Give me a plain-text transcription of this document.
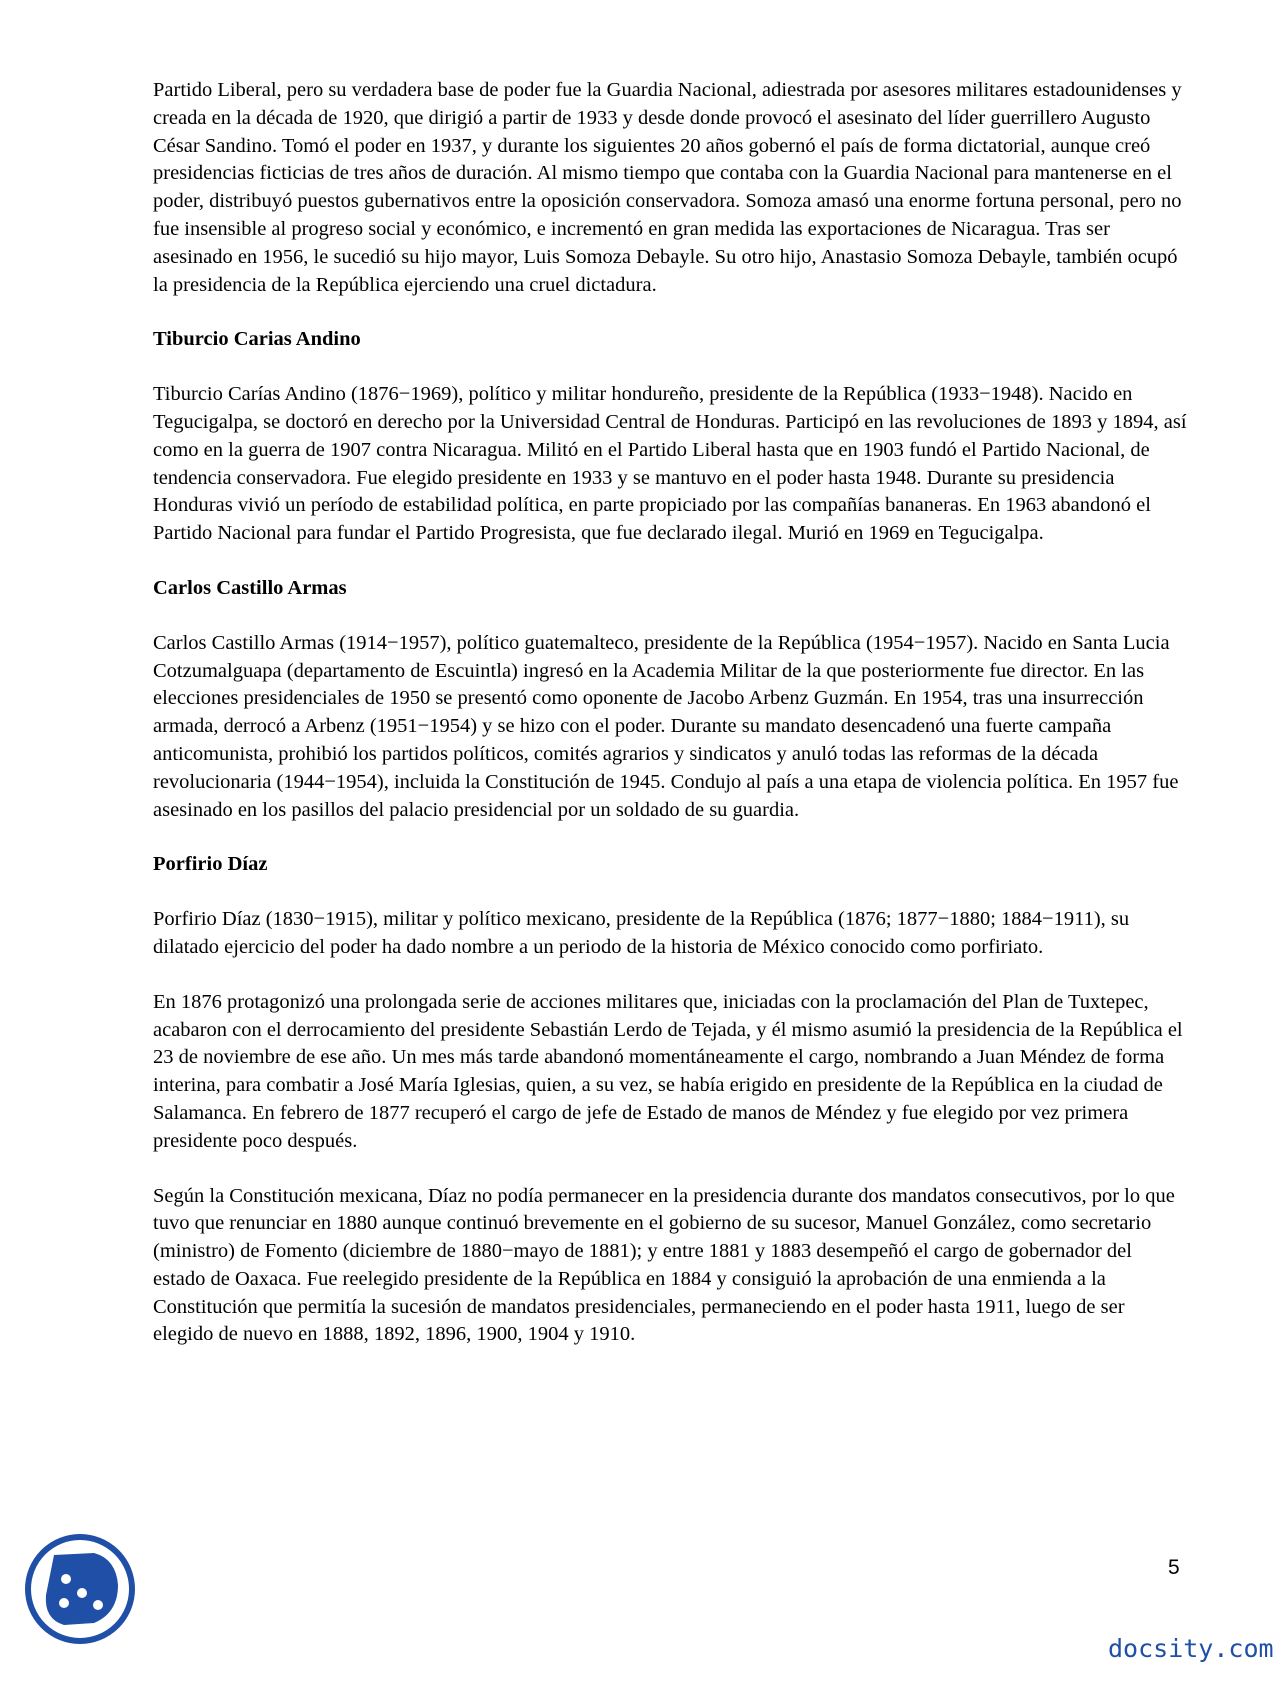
Partido Liberal, pero su verdadera base de poder fue la Guardia Nacional, adiestrada por asesores militares estadounidenses y creada en la década de 1920, que dirigió a partir de 1933 y desde donde provocó el asesinato del líder guerrillero Augusto César Sandino. Tomó el poder en 1937, y durante los siguientes 20 años gobernó el país de forma dictatorial, aunque creó presidencias ficticias de tres años de duración. Al mismo tiempo que contaba con la Guardia Nacional para mantenerse en el poder, distribuyó puestos gubernativos entre la oposición conservadora. Somoza amasó una enorme fortuna personal, pero no fue insensible al progreso social y económico, e incrementó en gran medida las exportaciones de Nicaragua. Tras ser asesinado en 1956, le sucedió su hijo mayor, Luis Somoza Debayle. Su otro hijo, Anastasio Somoza Debayle, también ocupó la presidencia de la República ejerciendo una cruel dictadura.

Tiburcio Carias Andino

Tiburcio Carías Andino (1876−1969), político y militar hondureño, presidente de la República (1933−1948). Nacido en Tegucigalpa, se doctoró en derecho por la Universidad Central de Honduras. Participó en las revoluciones de 1893 y 1894, así como en la guerra de 1907 contra Nicaragua. Militó en el Partido Liberal hasta que en 1903 fundó el Partido Nacional, de tendencia conservadora. Fue elegido presidente en 1933 y se mantuvo en el poder hasta 1948. Durante su presidencia Honduras vivió un período de estabilidad política, en parte propiciado por las compañías bananeras. En 1963 abandonó el Partido Nacional para fundar el Partido Progresista, que fue declarado ilegal. Murió en 1969 en Tegucigalpa.

Carlos Castillo Armas

Carlos Castillo Armas (1914−1957), político guatemalteco, presidente de la República (1954−1957). Nacido en Santa Lucia Cotzumalguapa (departamento de Escuintla) ingresó en la Academia Militar de la que posteriormente fue director. En las elecciones presidenciales de 1950 se presentó como oponente de Jacobo Arbenz Guzmán. En 1954, tras una insurrección armada, derrocó a Arbenz (1951−1954) y se hizo con el poder. Durante su mandato desencadenó una fuerte campaña anticomunista, prohibió los partidos políticos, comités agrarios y sindicatos y anuló todas las reformas de la década revolucionaria (1944−1954), incluida la Constitución de 1945. Condujo al país a una etapa de violencia política. En 1957 fue asesinado en los pasillos del palacio presidencial por un soldado de su guardia.

Porfirio Díaz

Porfirio Díaz (1830−1915), militar y político mexicano, presidente de la República (1876; 1877−1880; 1884−1911), su dilatado ejercicio del poder ha dado nombre a un periodo de la historia de México conocido como porfiriato.

En 1876 protagonizó una prolongada serie de acciones militares que, iniciadas con la proclamación del Plan de Tuxtepec, acabaron con el derrocamiento del presidente Sebastián Lerdo de Tejada, y él mismo asumió la presidencia de la República el 23 de noviembre de ese año. Un mes más tarde abandonó momentáneamente el cargo, nombrando a Juan Méndez de forma interina, para combatir a José María Iglesias, quien, a su vez, se había erigido en presidente de la República en la ciudad de Salamanca. En febrero de 1877 recuperó el cargo de jefe de Estado de manos de Méndez y fue elegido por vez primera presidente poco después.

Según la Constitución mexicana, Díaz no podía permanecer en la presidencia durante dos mandatos consecutivos, por lo que tuvo que renunciar en 1880 aunque continuó brevemente en el gobierno de su sucesor, Manuel González, como secretario (ministro) de Fomento (diciembre de 1880−mayo de 1881); y entre 1881 y 1883 desempeñó el cargo de gobernador del estado de Oaxaca. Fue reelegido presidente de la República en 1884 y consiguió la aprobación de una enmienda a la Constitución que permitía la sucesión de mandatos presidenciales, permaneciendo en el poder hasta 1911, luego de ser elegido de nuevo en 1888, 1892, 1896, 1900, 1904 y 1910.

5
docsity.com
